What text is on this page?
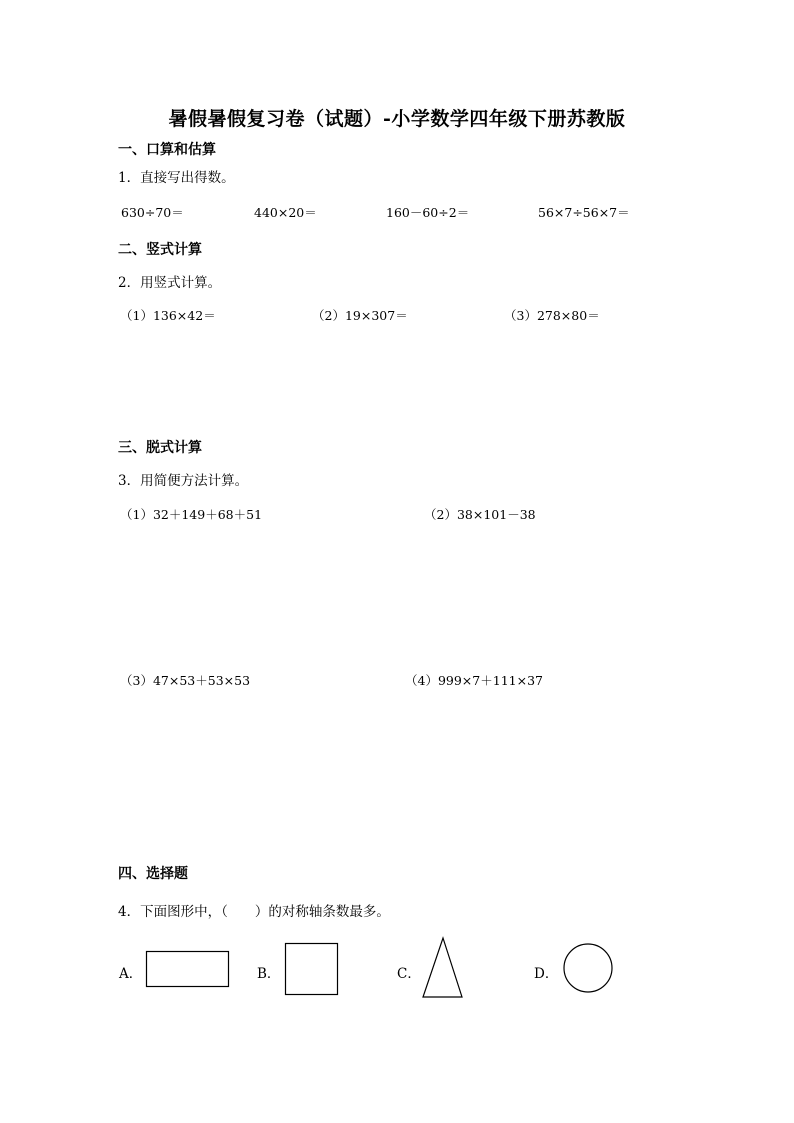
暑假暑假复习卷（试题）-小学数学四年级下册苏教版
一、口算和估算
1．直接写出得数。
630÷70＝	440×20＝	160－60÷2＝	56×7÷56×7＝
二、竖式计算
2．用竖式计算。
（1）136×42＝	（2）19×307＝	（3）278×80＝
三、脱式计算
3．用简便方法计算。
（1）32＋149＋68＋51	（2）38×101－38
（3）47×53＋53×53	（4）999×7＋111×37
四、选择题
4．下面图形中，（　　）的对称轴条数最多。
A．	B．	C．	D．
